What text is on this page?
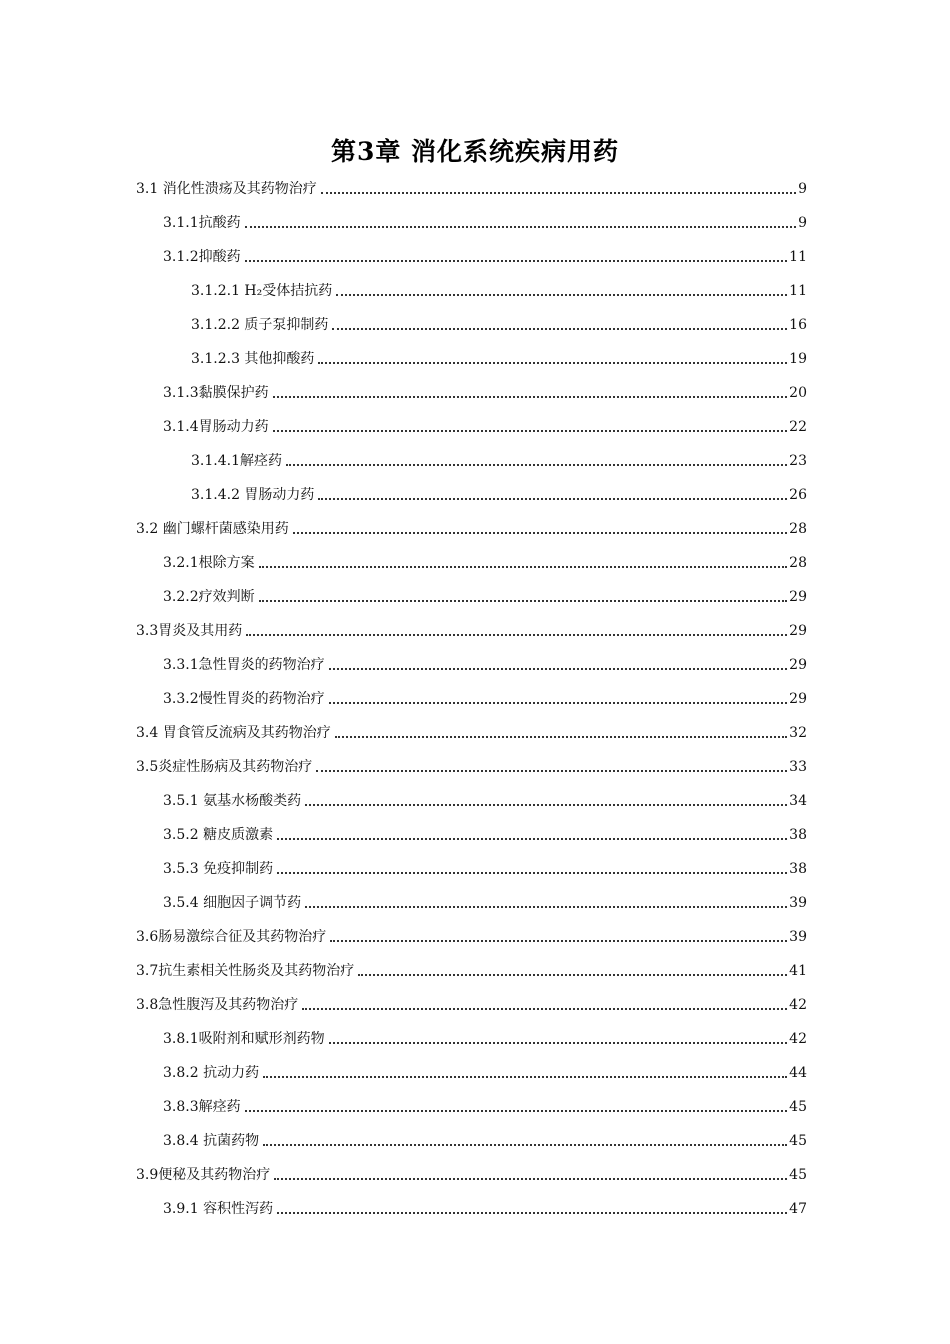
第3章 消化系统疾病用药
3.1 消化性溃疡及其药物治疗	9
3.1.1抗酸药	9
3.1.2抑酸药	11
3.1.2.1 H₂受体拮抗药	11
3.1.2.2 质子泵抑制药	16
3.1.2.3 其他抑酸药	19
3.1.3黏膜保护药	20
3.1.4胃肠动力药	22
3.1.4.1解痉药	23
3.1.4.2 胃肠动力药	26
3.2 幽门螺杆菌感染用药	28
3.2.1根除方案	28
3.2.2疗效判断	29
3.3胃炎及其用药	29
3.3.1急性胃炎的药物治疗	29
3.3.2慢性胃炎的药物治疗	29
3.4 胃食管反流病及其药物治疗	32
3.5炎症性肠病及其药物治疗	33
3.5.1 氨基水杨酸类药	34
3.5.2 糖皮质激素	38
3.5.3 免疫抑制药	38
3.5.4 细胞因子调节药	39
3.6肠易激综合征及其药物治疗	39
3.7抗生素相关性肠炎及其药物治疗	41
3.8急性腹泻及其药物治疗	42
3.8.1吸附剂和赋形剂药物	42
3.8.2 抗动力药	44
3.8.3解痉药	45
3.8.4 抗菌药物	45
3.9便秘及其药物治疗	45
3.9.1 容积性泻药	47
